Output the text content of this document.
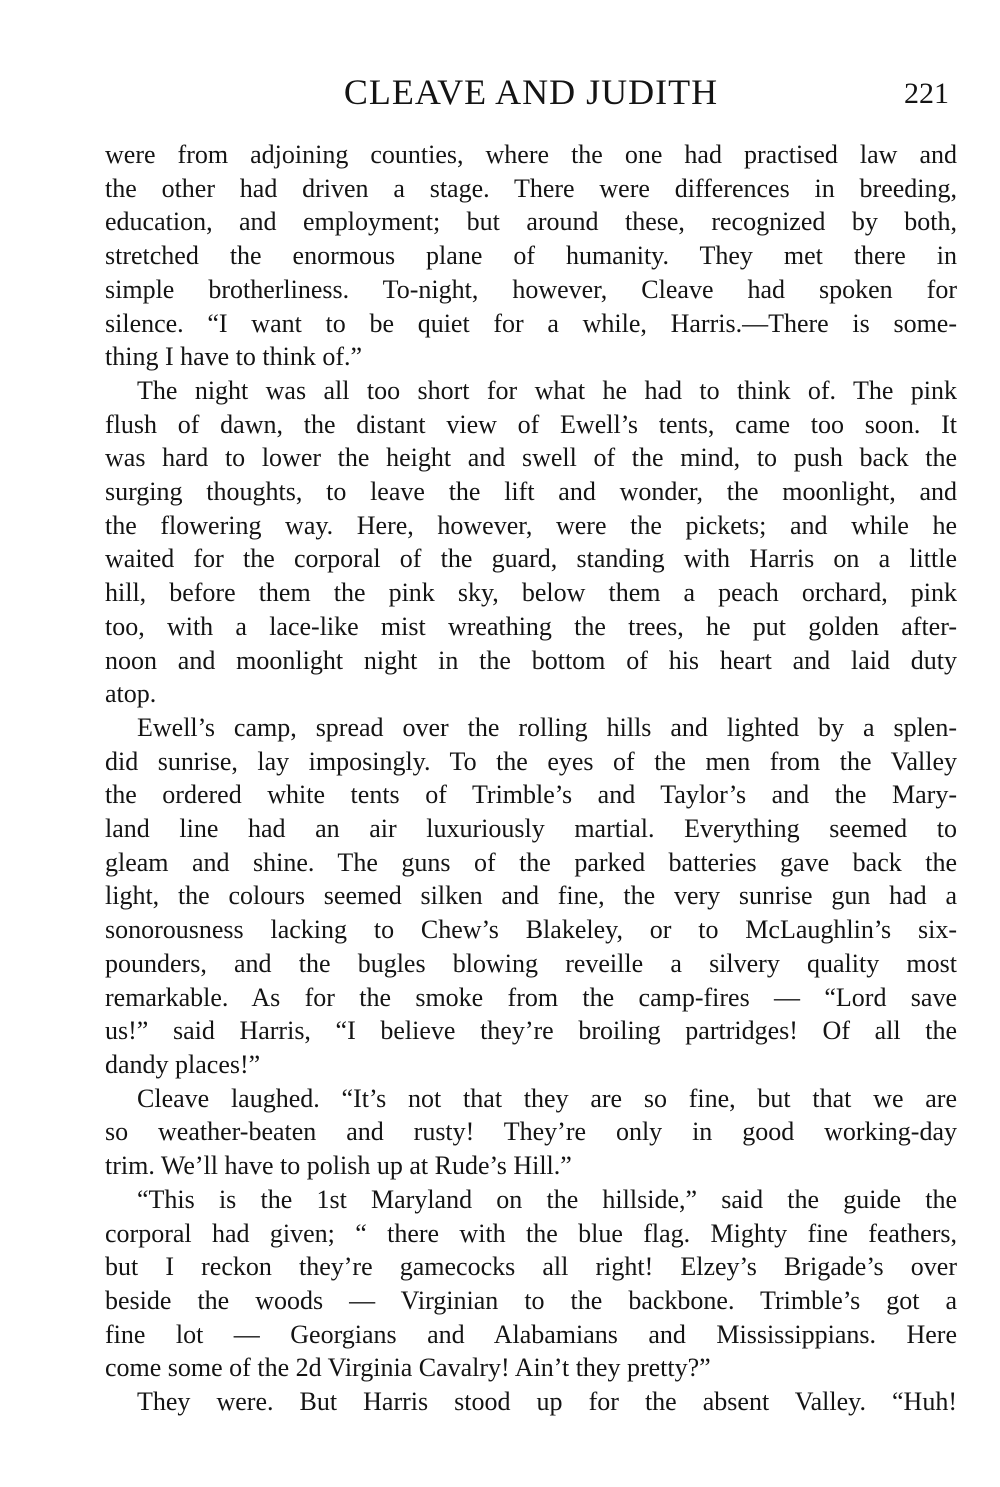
CLEAVE AND JUDITH	221

were from adjoining counties, where the one had practised law and
the other had driven a stage. There were differences in breeding,
education, and employment; but around these, recognized by both,
stretched the enormous plane of humanity. They met there in
simple brotherliness. To-night, however, Cleave had spoken for
silence. “I want to be quiet for a while, Harris.—There is some-
thing I have to think of.”

The night was all too short for what he had to think of. The pink
flush of dawn, the distant view of Ewell’s tents, came too soon. It
was hard to lower the height and swell of the mind, to push back the
surging thoughts, to leave the lift and wonder, the moonlight, and
the flowering way. Here, however, were the pickets; and while he
waited for the corporal of the guard, standing with Harris on a little
hill, before them the pink sky, below them a peach orchard, pink
too, with a lace-like mist wreathing the trees, he put golden after-
noon and moonlight night in the bottom of his heart and laid duty
atop.

Ewell’s camp, spread over the rolling hills and lighted by a splen-
did sunrise, lay imposingly. To the eyes of the men from the Valley
the ordered white tents of Trimble’s and Taylor’s and the Mary-
land line had an air luxuriously martial. Everything seemed to
gleam and shine. The guns of the parked batteries gave back the
light, the colours seemed silken and fine, the very sunrise gun had a
sonorousness lacking to Chew’s Blakeley, or to McLaughlin’s six-
pounders, and the bugles blowing reveille a silvery quality most
remarkable. As for the smoke from the camp-fires — “Lord save
us!” said Harris, “I believe they’re broiling partridges! Of all the
dandy places!”

Cleave laughed. “It’s not that they are so fine, but that we are
so weather-beaten and rusty! They’re only in good working-day
trim. We’ll have to polish up at Rude’s Hill.”

“This is the 1st Maryland on the hillside,” said the guide the
corporal had given; “ there with the blue flag. Mighty fine feathers,
but I reckon they’re gamecocks all right! Elzey’s Brigade’s over
beside the woods — Virginian to the backbone. Trimble’s got a
fine lot — Georgians and Alabamians and Mississippians. Here
come some of the 2d Virginia Cavalry! Ain’t they pretty?”

They were. But Harris stood up for the absent Valley. “Huh!
